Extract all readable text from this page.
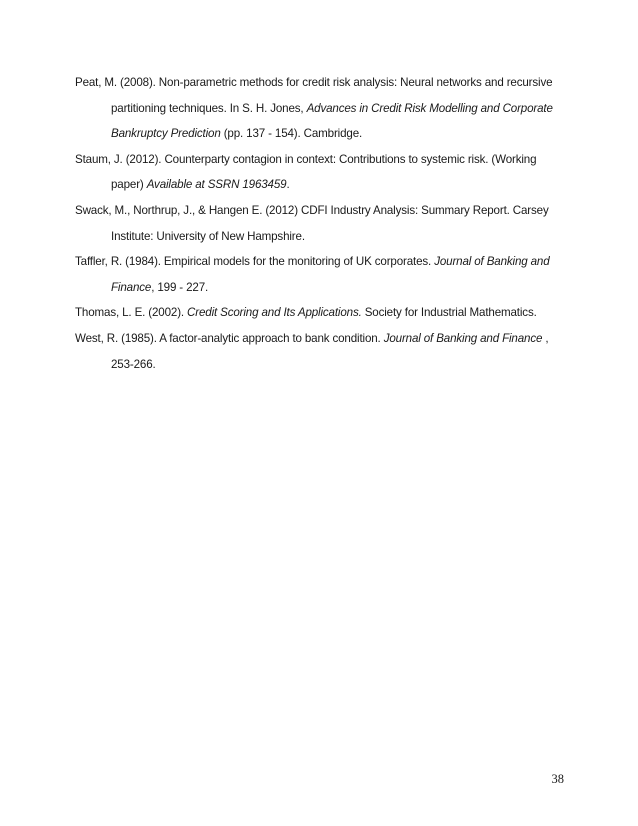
Peat, M. (2008). Non-parametric methods for credit risk analysis: Neural networks and recursive partitioning techniques. In S. H. Jones, Advances in Credit Risk Modelling and Corporate Bankruptcy Prediction (pp. 137 - 154). Cambridge.

Staum, J. (2012). Counterparty contagion in context: Contributions to systemic risk. (Working paper) Available at SSRN 1963459.

Swack, M., Northrup, J., & Hangen E. (2012) CDFI Industry Analysis: Summary Report. Carsey Institute: University of New Hampshire.

Taffler, R. (1984). Empirical models for the monitoring of UK corporates. Journal of Banking and Finance, 199 - 227.

Thomas, L. E. (2002). Credit Scoring and Its Applications. Society for Industrial Mathematics.

West, R. (1985). A factor-analytic approach to bank condition. Journal of Banking and Finance , 253-266.

38
